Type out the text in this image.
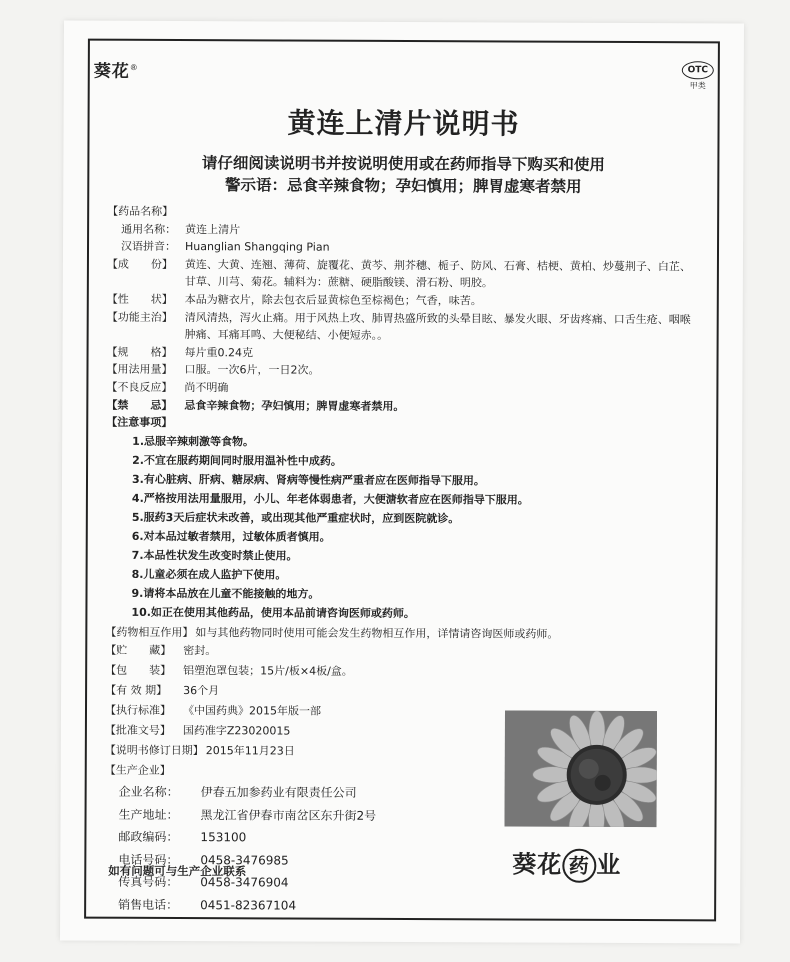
葵花®	OTC
甲类
黄连上清片说明书
请仔细阅读说明书并按说明使用或在药师指导下购买和使用
警示语：忌食辛辣食物；孕妇慎用；脾胃虚寒者禁用
【药品名称】
通用名称： 黄连上清片
汉语拼音： Huanglian Shangqing Pian
【成　　份】	黄连、大黄、连翘、薄荷、旋覆花、黄芩、荆芥穗、栀子、防风、石膏、桔梗、黄柏、炒蔓荆子、白芷、甘草、川芎、菊花。辅料为：蔗糖、硬脂酸镁、滑石粉、明胶。
【性　　状】	本品为糖衣片，除去包衣后显黄棕色至棕褐色；气香，味苦。
【功能主治】	清风清热，泻火止痛。用于风热上攻、肺胃热盛所致的头晕目眩、暴发火眼、牙齿疼痛、口舌生疮、咽喉肿痛、耳痛耳鸣、大便秘结、小便短赤。。
【规　　格】	每片重0.24克
【用法用量】	口服。一次6片，一日2次。
【不良反应】	尚不明确
【禁　　忌】	忌食辛辣食物；孕妇慎用；脾胃虚寒者禁用。
【注意事项】
1.忌服辛辣刺激等食物。
2.不宜在服药期间同时服用温补性中成药。
3.有心脏病、肝病、糖尿病、肾病等慢性病严重者应在医师指导下服用。
4.严格按用法用量服用，小儿、年老体弱患者，大便溏软者应在医师指导下服用。
5.服药3天后症状未改善，或出现其他严重症状时，应到医院就诊。
6.对本品过敏者禁用，过敏体质者慎用。
7.本品性状发生改变时禁止使用。
8.儿童必须在成人监护下使用。
9.请将本品放在儿童不能接触的地方。
10.如正在使用其他药品，使用本品前请咨询医师或药师。
【药物相互作用】 如与其他药物同时使用可能会发生药物相互作用，详情请咨询医师或药师。
【贮　　藏】	密封。
【包　　装】	铝塑泡罩包装；15片/板×4板/盒。
【有 效 期】	36个月
【执行标准】	《中国药典》2015年版一部
【批准文号】	国药准字Z23020015
【说明书修订日期】 2015年11月23日
【生产企业】
企业名称：	伊春五加参药业有限责任公司
生产地址：	黑龙江省伊春市南岔区东升街2号
邮政编码：	153100
电话号码：	0458-3476985
传真号码：	0458-3476904
销售电话：	0451-82367104
如有问题可与生产企业联系	葵花 药 业
